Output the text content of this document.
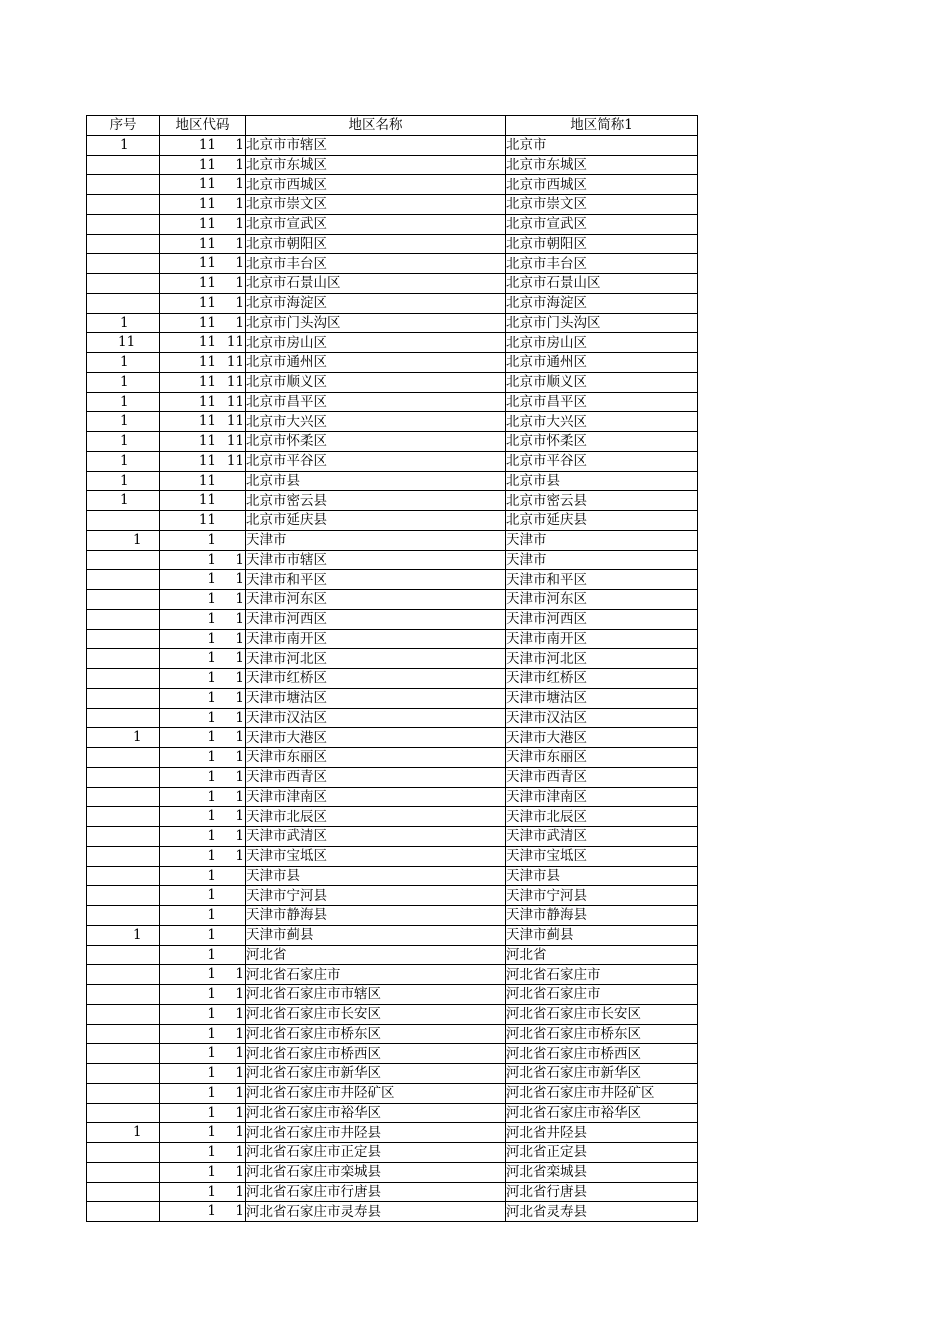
序号	地区代码	地区名称	地区简称1

1	11 1	北京市市辖区	北京市

	11 1	北京市东城区	北京市东城区

	11 1	北京市西城区	北京市西城区

	11 1	北京市崇文区	北京市崇文区

	11 1	北京市宣武区	北京市宣武区

	11 1	北京市朝阳区	北京市朝阳区

	11 1	北京市丰台区	北京市丰台区

	11 1	北京市石景山区	北京市石景山区

	11 1	北京市海淀区	北京市海淀区

1	11 1	北京市门头沟区	北京市门头沟区

11	11 11	北京市房山区	北京市房山区

1	11 11	北京市通州区	北京市通州区

1	11 11	北京市顺义区	北京市顺义区

1	11 11	北京市昌平区	北京市昌平区

1	11 11	北京市大兴区	北京市大兴区

1	11 11	北京市怀柔区	北京市怀柔区

1	11 11	北京市平谷区	北京市平谷区

1	11	北京市县	北京市县

1	11	北京市密云县	北京市密云县

	11	北京市延庆县	北京市延庆县

1	1	天津市	天津市

	1 1	天津市市辖区	天津市

	1 1	天津市和平区	天津市和平区

	1 1	天津市河东区	天津市河东区

	1 1	天津市河西区	天津市河西区

	1 1	天津市南开区	天津市南开区

	1 1	天津市河北区	天津市河北区

	1 1	天津市红桥区	天津市红桥区

	1 1	天津市塘沽区	天津市塘沽区

	1 1	天津市汉沽区	天津市汉沽区

1	1 1	天津市大港区	天津市大港区

	1 1	天津市东丽区	天津市东丽区

	1 1	天津市西青区	天津市西青区

	1 1	天津市津南区	天津市津南区

	1 1	天津市北辰区	天津市北辰区

	1 1	天津市武清区	天津市武清区

	1 1	天津市宝坻区	天津市宝坻区

	1	天津市县	天津市县

	1	天津市宁河县	天津市宁河县

	1	天津市静海县	天津市静海县

1	1	天津市蓟县	天津市蓟县

	1	河北省	河北省

	1 1	河北省石家庄市	河北省石家庄市

	1 1	河北省石家庄市市辖区	河北省石家庄市

	1 1	河北省石家庄市长安区	河北省石家庄市长安区

	1 1	河北省石家庄市桥东区	河北省石家庄市桥东区

	1 1	河北省石家庄市桥西区	河北省石家庄市桥西区

	1 1	河北省石家庄市新华区	河北省石家庄市新华区

	1 1	河北省石家庄市井陉矿区	河北省石家庄市井陉矿区

	1 1	河北省石家庄市裕华区	河北省石家庄市裕华区

1	1 1	河北省石家庄市井陉县	河北省井陉县

	1 1	河北省石家庄市正定县	河北省正定县

	1 1	河北省石家庄市栾城县	河北省栾城县

	1 1	河北省石家庄市行唐县	河北省行唐县

	1 1	河北省石家庄市灵寿县	河北省灵寿县
